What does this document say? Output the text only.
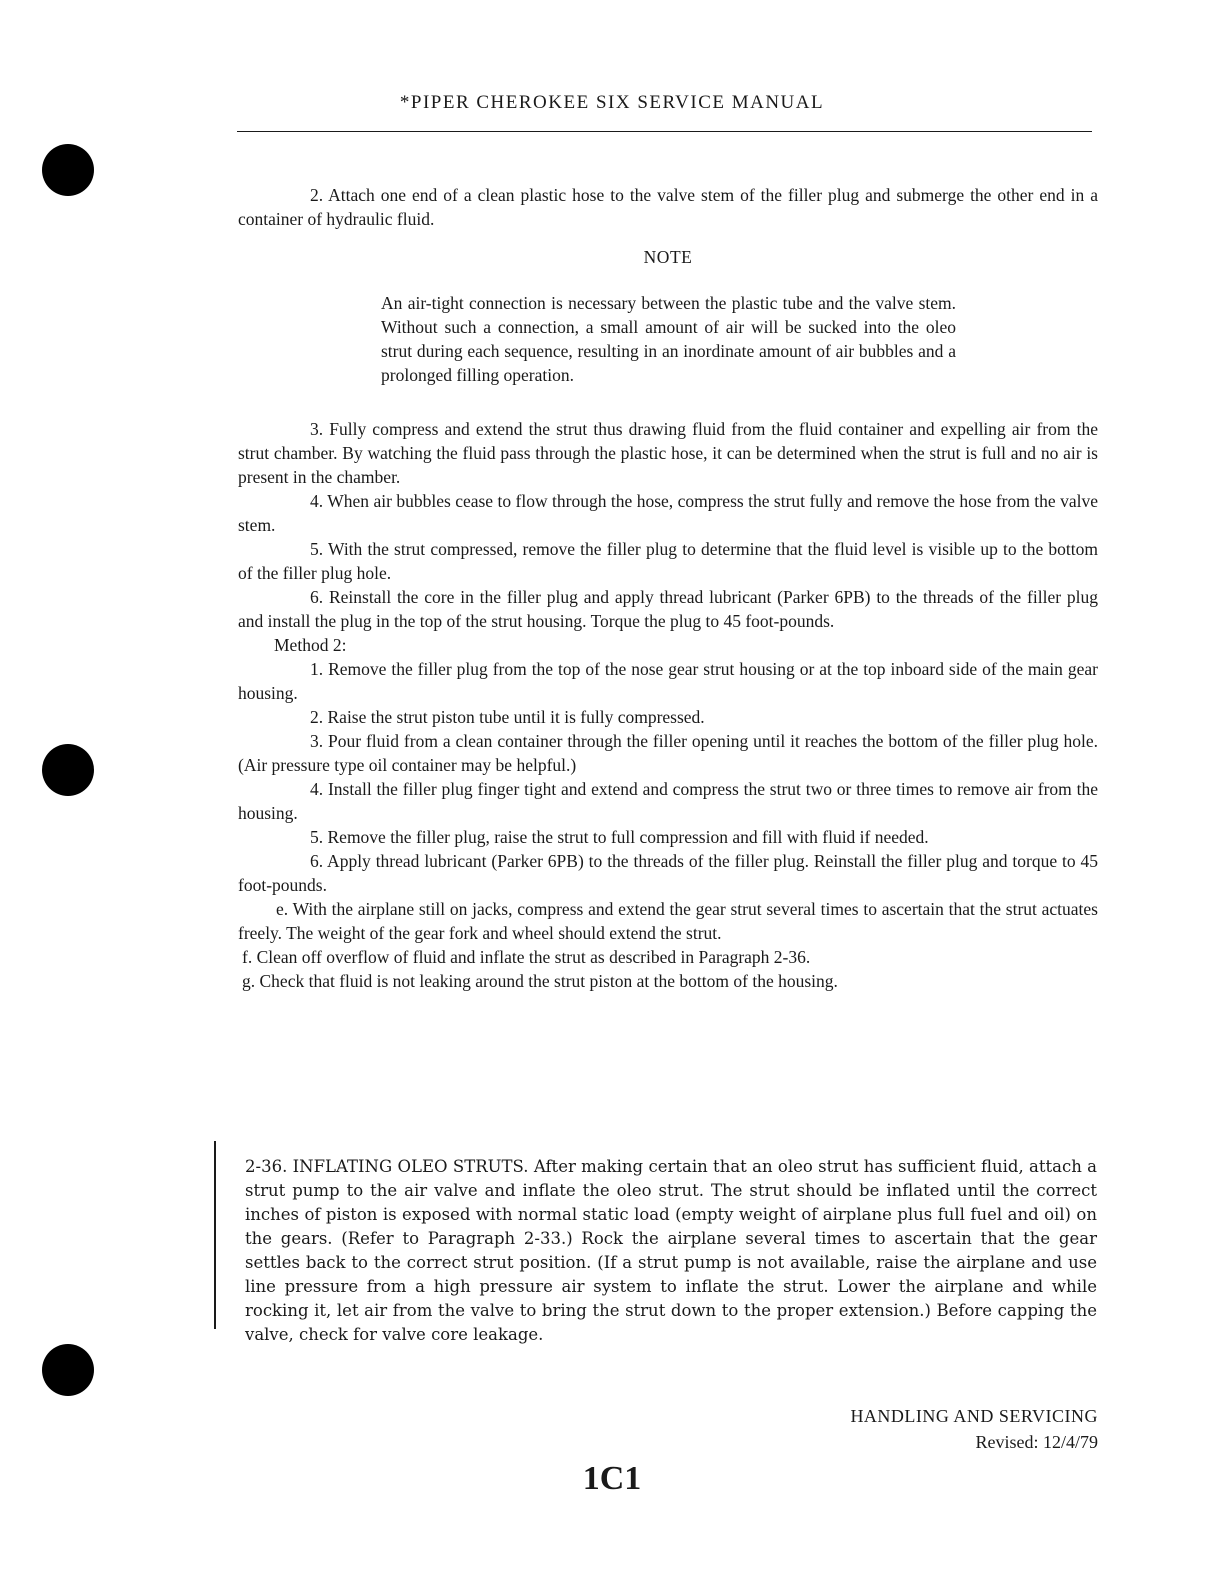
*PIPER CHEROKEE SIX SERVICE MANUAL

2. Attach one end of a clean plastic hose to the valve stem of the filler plug and submerge the other end in a container of hydraulic fluid.

NOTE

An air-tight connection is necessary between the plastic tube and the valve stem. Without such a connection, a small amount of air will be sucked into the oleo strut during each sequence, resulting in an inordinate amount of air bubbles and a prolonged filling operation.

3. Fully compress and extend the strut thus drawing fluid from the fluid container and expelling air from the strut chamber. By watching the fluid pass through the plastic hose, it can be determined when the strut is full and no air is present in the chamber.

4. When air bubbles cease to flow through the hose, compress the strut fully and remove the hose from the valve stem.

5. With the strut compressed, remove the filler plug to determine that the fluid level is visible up to the bottom of the filler plug hole.

6. Reinstall the core in the filler plug and apply thread lubricant (Parker 6PB) to the threads of the filler plug and install the plug in the top of the strut housing. Torque the plug to 45 foot-pounds.

Method 2:

1. Remove the filler plug from the top of the nose gear strut housing or at the top inboard side of the main gear housing.

2. Raise the strut piston tube until it is fully compressed.

3. Pour fluid from a clean container through the filler opening until it reaches the bottom of the filler plug hole. (Air pressure type oil container may be helpful.)

4. Install the filler plug finger tight and extend and compress the strut two or three times to remove air from the housing.

5. Remove the filler plug, raise the strut to full compression and fill with fluid if needed.

6. Apply thread lubricant (Parker 6PB) to the threads of the filler plug. Reinstall the filler plug and torque to 45 foot-pounds.

e. With the airplane still on jacks, compress and extend the gear strut several times to ascertain that the strut actuates freely. The weight of the gear fork and wheel should extend the strut.

f. Clean off overflow of fluid and inflate the strut as described in Paragraph 2-36.

g. Check that fluid is not leaking around the strut piston at the bottom of the housing.

2-36. INFLATING OLEO STRUTS. After making certain that an oleo strut has sufficient fluid, attach a strut pump to the air valve and inflate the oleo strut. The strut should be inflated until the correct inches of piston is exposed with normal static load (empty weight of airplane plus full fuel and oil) on the gears. (Refer to Paragraph 2-33.) Rock the airplane several times to ascertain that the gear settles back to the correct strut position. (If a strut pump is not available, raise the airplane and use line pressure from a high pressure air system to inflate the strut. Lower the airplane and while rocking it, let air from the valve to bring the strut down to the proper extension.) Before capping the valve, check for valve core leakage.

HANDLING AND SERVICING
Revised: 12/4/79
1C1
